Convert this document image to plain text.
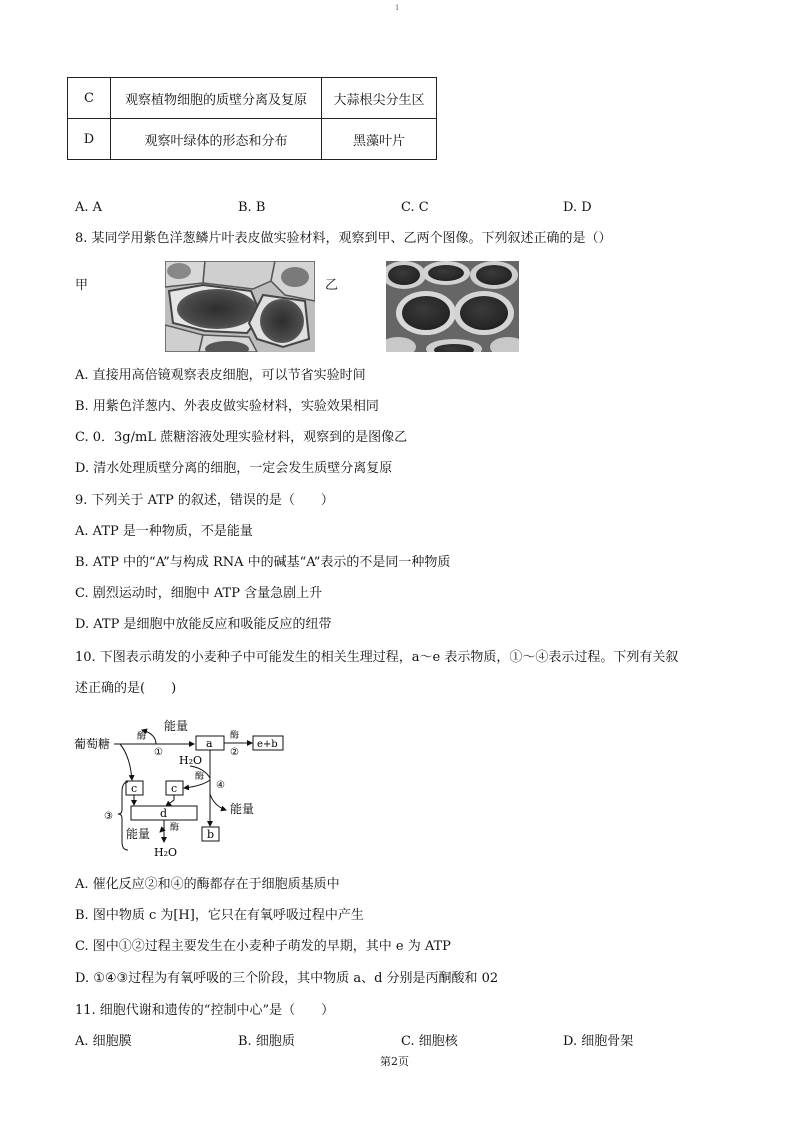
1
C	观察植物细胞的质壁分离及复原	大蒜根尖分生区
D	观察叶绿体的形态和分布	黑藻叶片
A. A	B. B	C. C	D. D
8. 某同学用紫色洋葱鳞片叶表皮做实验材料，观察到甲、乙两个图像。下列叙述正确的是（）
甲	乙
A. 直接用高倍镜观察表皮细胞，可以节省实验时间
B. 用紫色洋葱内、外表皮做实验材料，实验效果相同
C. 0．3g/mL 蔗糖溶液处理实验材料，观察到的是图像乙
D. 清水处理质壁分离的细胞，一定会发生质壁分离复原
9. 下列关于 ATP 的叙述，错误的是（　　）
A. ATP 是一种物质，不是能量
B. ATP 中的“A”与构成 RNA 中的碱基“A”表示的不是同一种物质
C. 剧烈运动时，细胞中 ATP 含量急剧上升
D. ATP 是细胞中放能反应和吸能反应的纽带
10. 下图表示萌发的小麦种子中可能发生的相关生理过程，a～e 表示物质，①～④表示过程。下列有关叙
述正确的是(　　)
葡萄糖	酶
①
能量
a
酶
②
e+b
H₂O
酶
④
能量
b
c	c
d
酶
能量
H₂O
③
A. 催化反应②和④的酶都存在于细胞质基质中
B. 图中物质 c 为[H]，它只在有氧呼吸过程中产生
C. 图中①②过程主要发生在小麦种子萌发的早期，其中 e 为 ATP
D. ①④③过程为有氧呼吸的三个阶段，其中物质 a、d 分别是丙酮酸和 02
11. 细胞代谢和遗传的“控制中心”是（　　）
A. 细胞膜	B. 细胞质	C. 细胞核	D. 细胞骨架
第2页
